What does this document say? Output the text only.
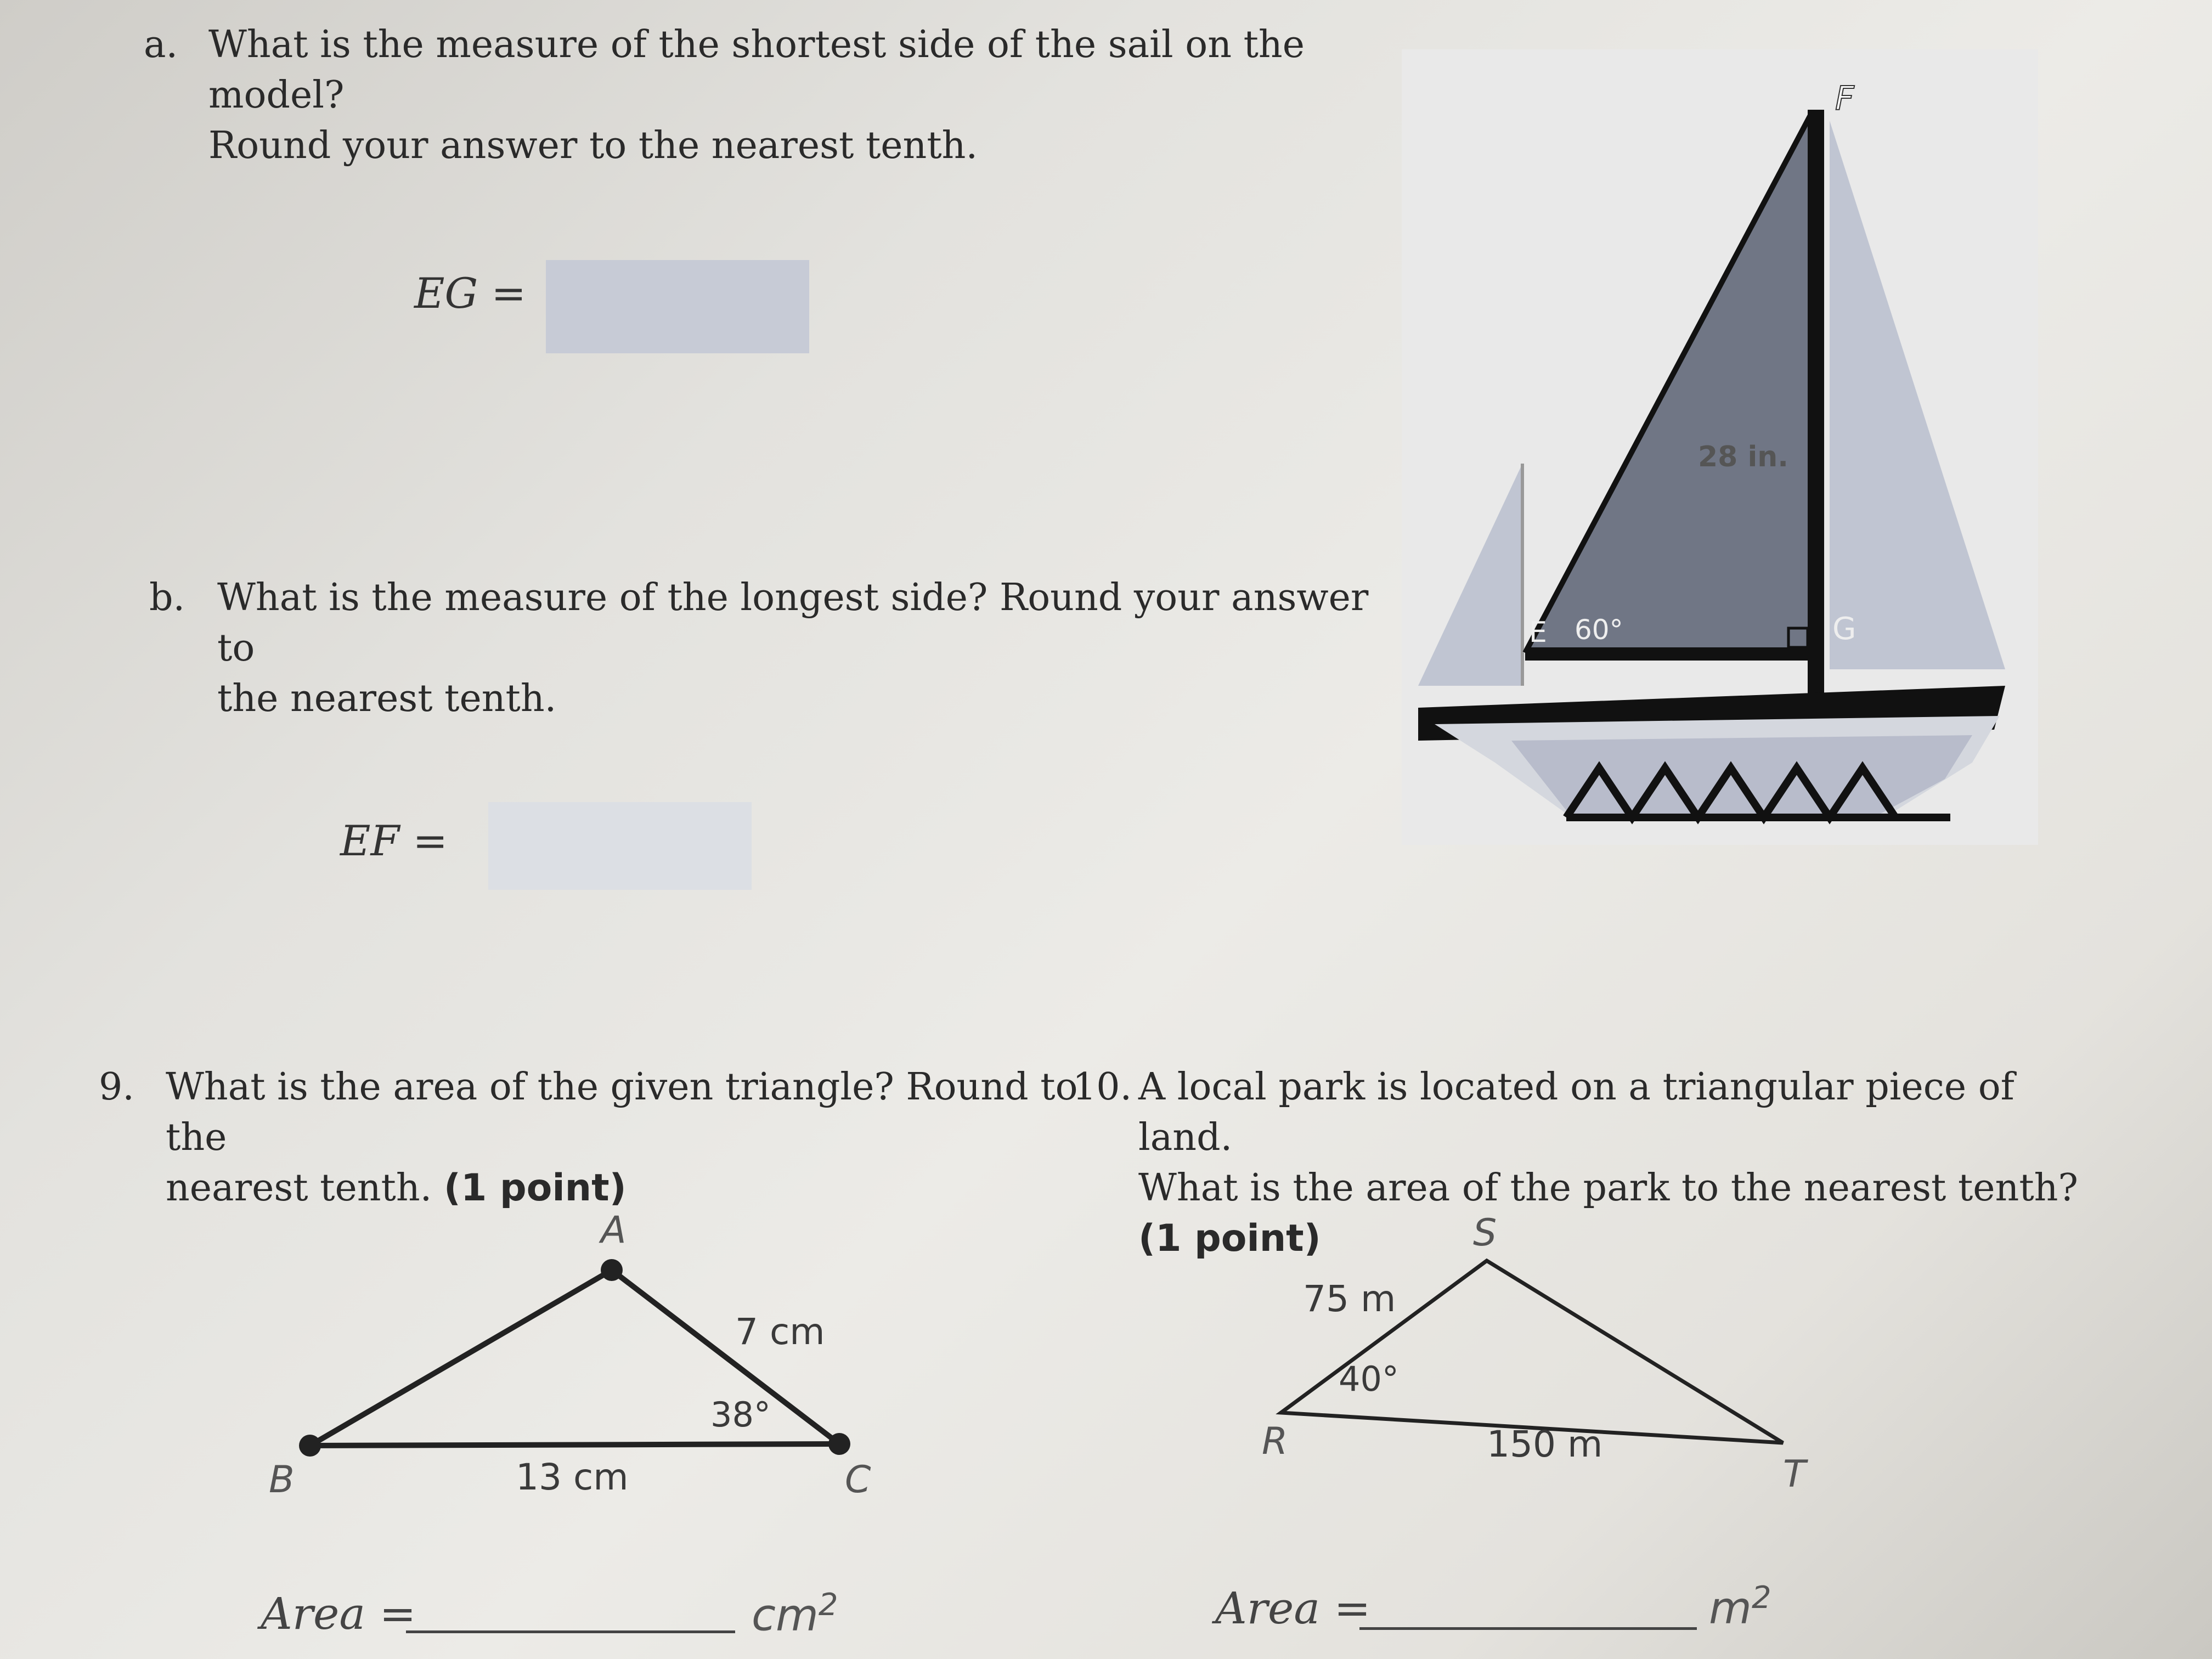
a. What is the measure of the shortest side of the sail on the model?
Round your answer to the nearest tenth.
EG =
b. What is the measure of the longest side? Round your answer to
the nearest tenth.
EF =
F
E 60°	G
28 in.
9. What is the area of the given triangle? Round to the
nearest tenth. (1 point)
A
B	C
7 cm
13 cm
38°
Area =	$cm^2$
10. A local park is located on a triangular piece of land.
What is the area of the park to the nearest tenth?
(1 point)	S
R
T
75 m
150 m
40°
Area =	$m^2$
